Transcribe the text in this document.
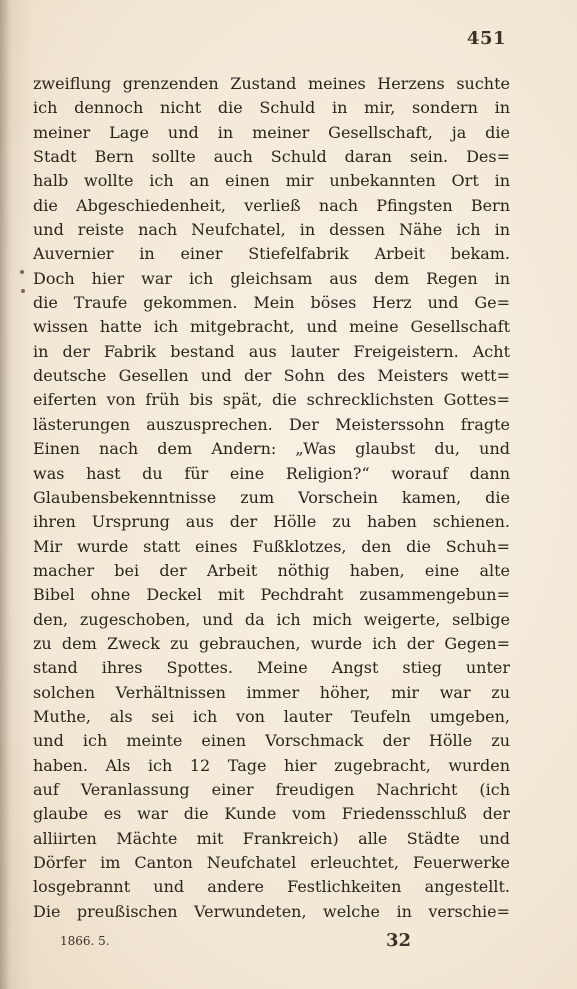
451
zweiflung grenzenden Zustand meines Herzens suchte
ich dennoch nicht die Schuld in mir, sondern in
meiner Lage und in meiner Gesellschaft, ja die
Stadt Bern sollte auch Schuld daran sein. Des=
halb wollte ich an einen mir unbekannten Ort in
die Abgeschiedenheit, verließ nach Pfingsten Bern
und reiste nach Neufchatel, in dessen Nähe ich in
Auvernier in einer Stiefelfabrik Arbeit bekam.
Doch hier war ich gleichsam aus dem Regen in
die Traufe gekommen. Mein böses Herz und Ge=
wissen hatte ich mitgebracht, und meine Gesellschaft
in der Fabrik bestand aus lauter Freigeistern. Acht
deutsche Gesellen und der Sohn des Meisters wett=
eiferten von früh bis spät, die schrecklichsten Gottes=
lästerungen auszusprechen. Der Meisterssohn fragte
Einen nach dem Andern: „Was glaubst du, und
was hast du für eine Religion?“ worauf dann
Glaubensbekenntnisse zum Vorschein kamen, die
ihren Ursprung aus der Hölle zu haben schienen.
Mir wurde statt eines Fußklotzes, den die Schuh=
macher bei der Arbeit nöthig haben, eine alte
Bibel ohne Deckel mit Pechdraht zusammengebun=
den, zugeschoben, und da ich mich weigerte, selbige
zu dem Zweck zu gebrauchen, wurde ich der Gegen=
stand ihres Spottes. Meine Angst stieg unter
solchen Verhältnissen immer höher, mir war zu
Muthe, als sei ich von lauter Teufeln umgeben,
und ich meinte einen Vorschmack der Hölle zu
haben. Als ich 12 Tage hier zugebracht, wurden
auf Veranlassung einer freudigen Nachricht (ich
glaube es war die Kunde vom Friedensschluß der
alliirten Mächte mit Frankreich) alle Städte und
Dörfer im Canton Neufchatel erleuchtet, Feuerwerke
losgebrannt und andere Festlichkeiten angestellt.
Die preußischen Verwundeten, welche in verschie=
1866. 5.	32
